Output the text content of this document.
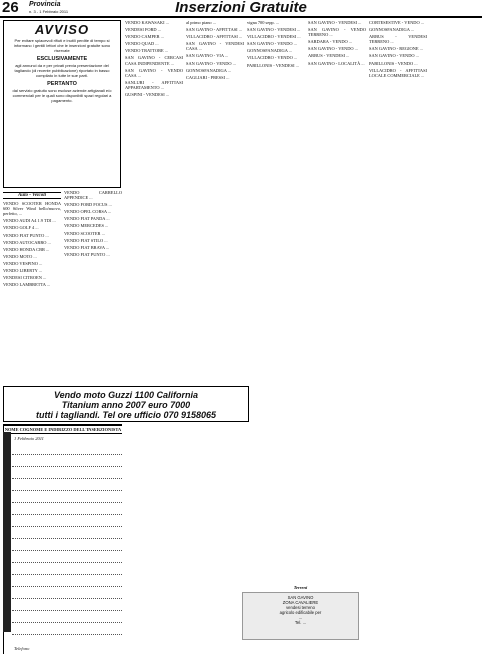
26 Provincia
n. 3 - 1 Febbraio 2011	Inserzioni Gratuite
AVVISO
Per evitare spiacevoli rifiuti e inutili perdite di tempo si informano i gentili lettori che le inserzioni gratuite sono riservate
ESCLUSIVAMENTE
agli annunci da e per privati previa presentazione del tagliando (di recente pubblicazione) riportato in basso compilato in tutte le sue parti.
PERTANTO
dal servizio gratuito sono escluse aziende artigianali e/o commerciali per le quali sono disponibili spazi regolari a pagamento.
Auto - Veicoli
VENDO SCOOTER HONDA 600 Silver Wind bello/nuovo, perfetto, ...
VENDO AUDI A4 1.9 TDI ...
VENDO GOLF 4 ...
VENDO FIAT PUNTO ...
VENDO AUTOCARRO ...
VENDO HONDA CBR ...
VENDO MOTO ...
VENDO VESPINO ...
VENDO LIBERTY ...
VENDESI CITROEN ...
VENDO LAMBRETTA ...
VENDO CARRELLO APPENDICE ...
VENDO FORD FOCUS ...
VENDO OPEL CORSA ...
VENDO FIAT PANDA ...
VENDO MERCEDES ...
VENDO SCOOTER ...
VENDO FIAT STILO ...
VENDO FIAT BRAVA ...
VENDO FIAT PUNTO ...
VENDO KAWASAKI ...
VENDESI FORD ...
VENDO CAMPER ...
VENDO QUAD ...
VENDO TRATTORE ...
SAN GAVINO - CERCASI CASA INDIPENDENTE ...
SAN GAVINO - VENDO CASA ...
SANLURI - AFFITTASI APPARTAMENTO ...
GUSPINI - VENDESI ...
al primo piano ...
SAN GAVINO - AFFITTASI ...
VILLACIDRO - AFFITTASI ...
SAN GAVINO - VENDESI CASA ...
SAN GAVINO - VIA ...
SAN GAVINO - VENDO ...
GONNOSFANADIGA ...
CAGLIARI - PRESSI ...
vigna 700 sepp. ...
SAN GAVINO - VENDESI ...
VILLACIDRO - VENDESI ...
SAN GAVINO - VENDO ...
GONNOSFANADIGA ...
VILLACIDRO - VENDO ...
PABILLONIS - VENDESI ...
SAN GAVINO - VENDESI ...
SAN GAVINO - VENDO TERRENO ...
SARDARA - VENDO ...
SAN GAVINO - VENDO ...
ARBUS - VENDESI ...
SAN GAVINO - LOCALITÀ ...
CORTESESTIVE - VENDO ...
GONNOSFANADIGA ...
ARBUS - VENDESI TERRENO ...
SAN GAVINO - REGIONE ...
SAN GAVINO - VENDO ...
PABILLONIS - VENDO ...
VILLACIDRO - AFFITTASI LOCALE COMMERCIALE ...
Vendo moto Guzzi 1100 California
Titanium anno 2007 euro 7000
tutti i tagliandi. Tel ore ufficio 070 9158065
NOME COGNOME E INDIRIZZO DELL'INSERZIONISTA
1 Febbraio 2011
Telefono
Terreni
SAN GAVINO
ZONA CAVALIERE
vendesi terreno
agricolo edificabile per
...
Tel. ...
